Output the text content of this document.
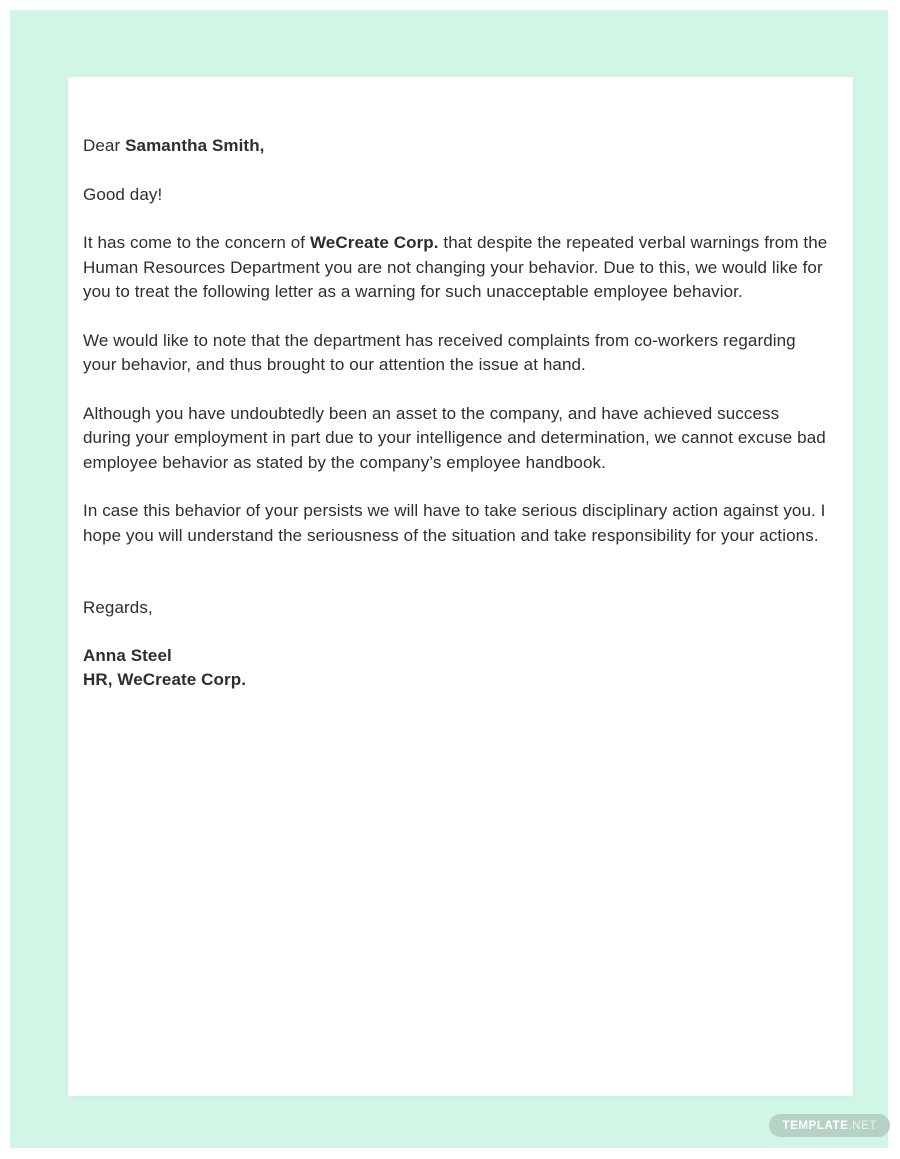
Dear Samantha Smith,

Good day!

It has come to the concern of WeCreate Corp. that despite the repeated verbal warnings from the Human Resources Department you are not changing your behavior. Due to this, we would like for you to treat the following letter as a warning for such unacceptable employee behavior.

We would like to note that the department has received complaints from co-workers regarding your behavior, and thus brought to our attention the issue at hand.

Although you have undoubtedly been an asset to the company, and have achieved success during your employment in part due to your intelligence and determination, we cannot excuse bad employee behavior as stated by the company’s employee handbook.

In case this behavior of your persists we will have to take serious disciplinary action against you. I hope you will understand the seriousness of the situation and take responsibility for your actions.

Regards,

Anna Steel

HR, WeCreate Corp.

TEMPLATE .NET
